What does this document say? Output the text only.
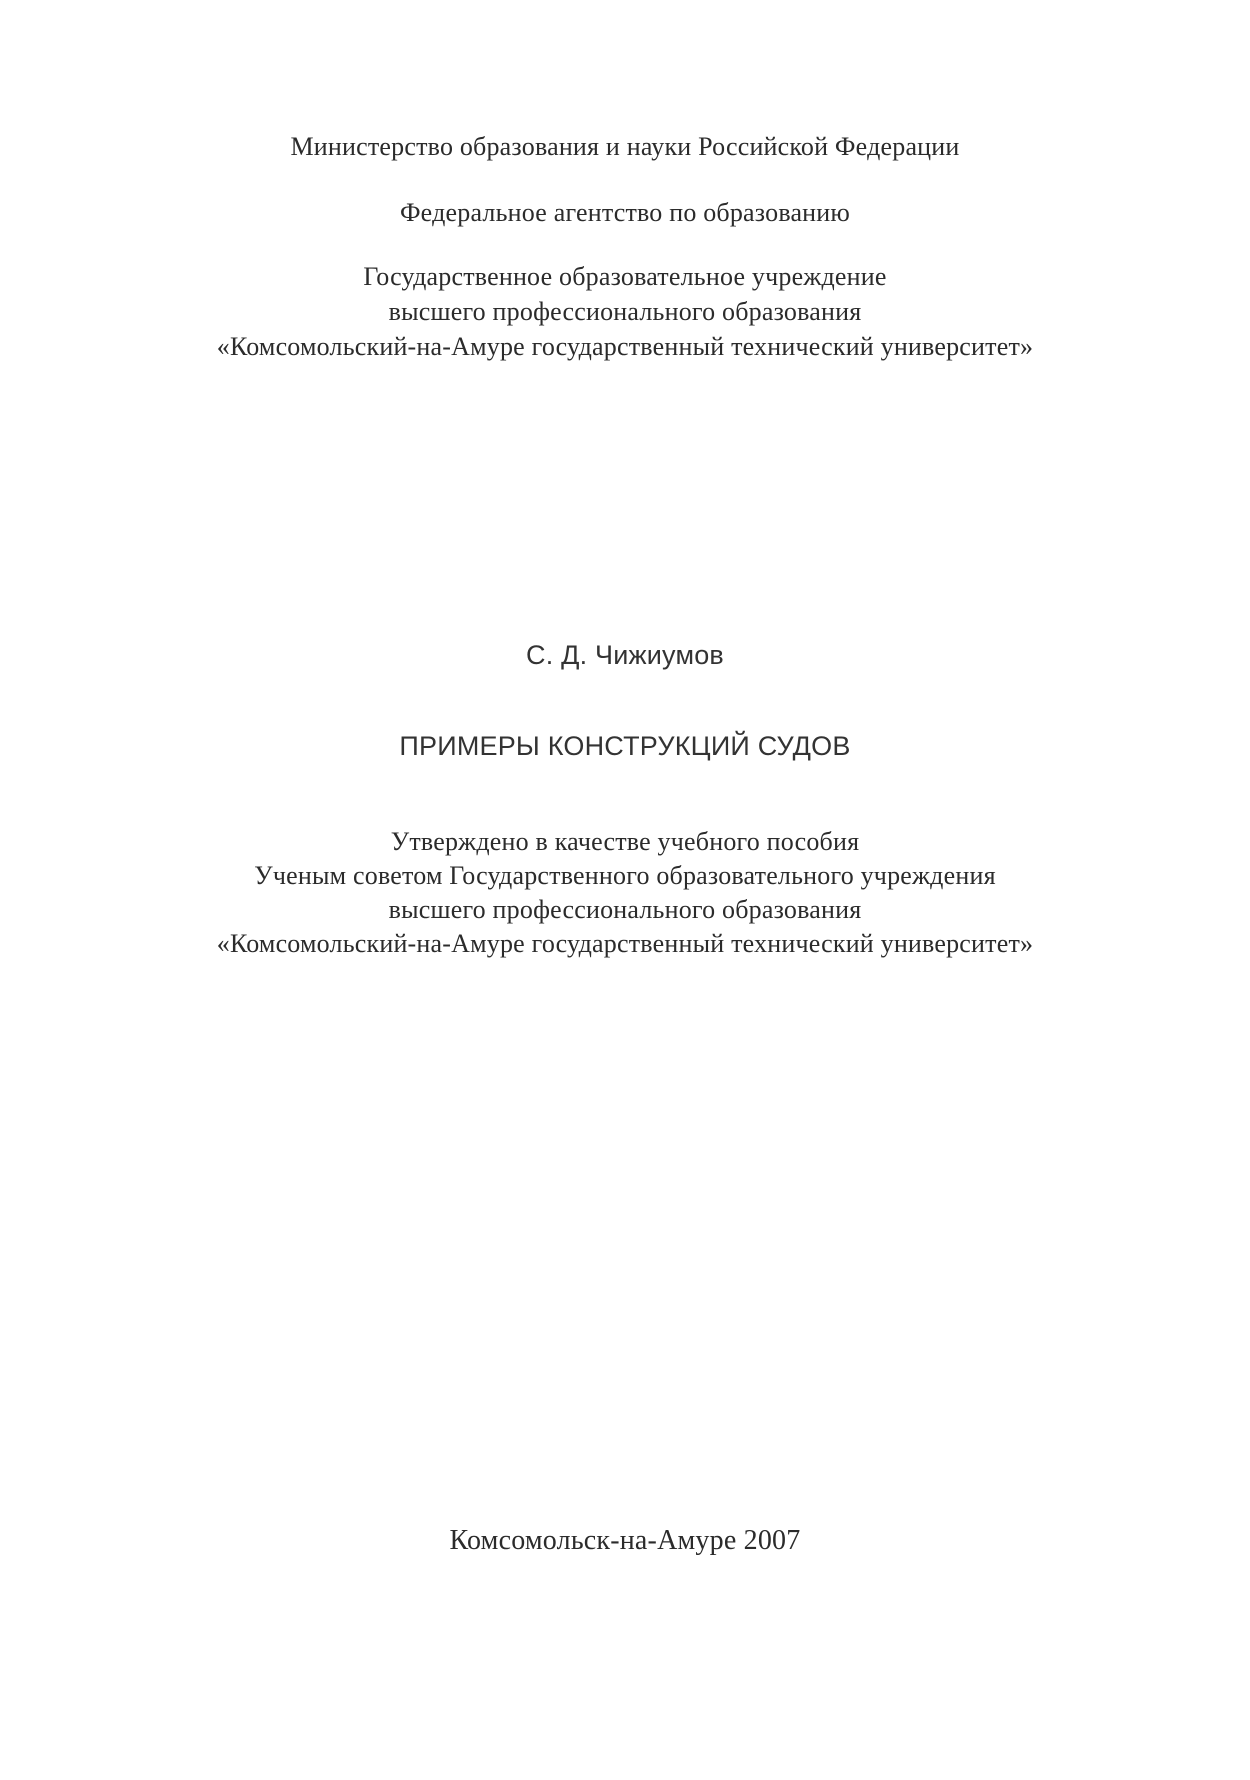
Министерство образования и науки Российской Федерации
Федеральное агентство по образованию
Государственное образовательное учреждение
высшего профессионального образования
«Комсомольский-на-Амуре государственный технический университет»
С. Д. Чижиумов
ПРИМЕРЫ КОНСТРУКЦИЙ СУДОВ
Утверждено в качестве учебного пособия
Ученым советом Государственного образовательного учреждения
высшего профессионального образования
«Комсомольский-на-Амуре государственный технический университет»
Комсомольск-на-Амуре 2007
